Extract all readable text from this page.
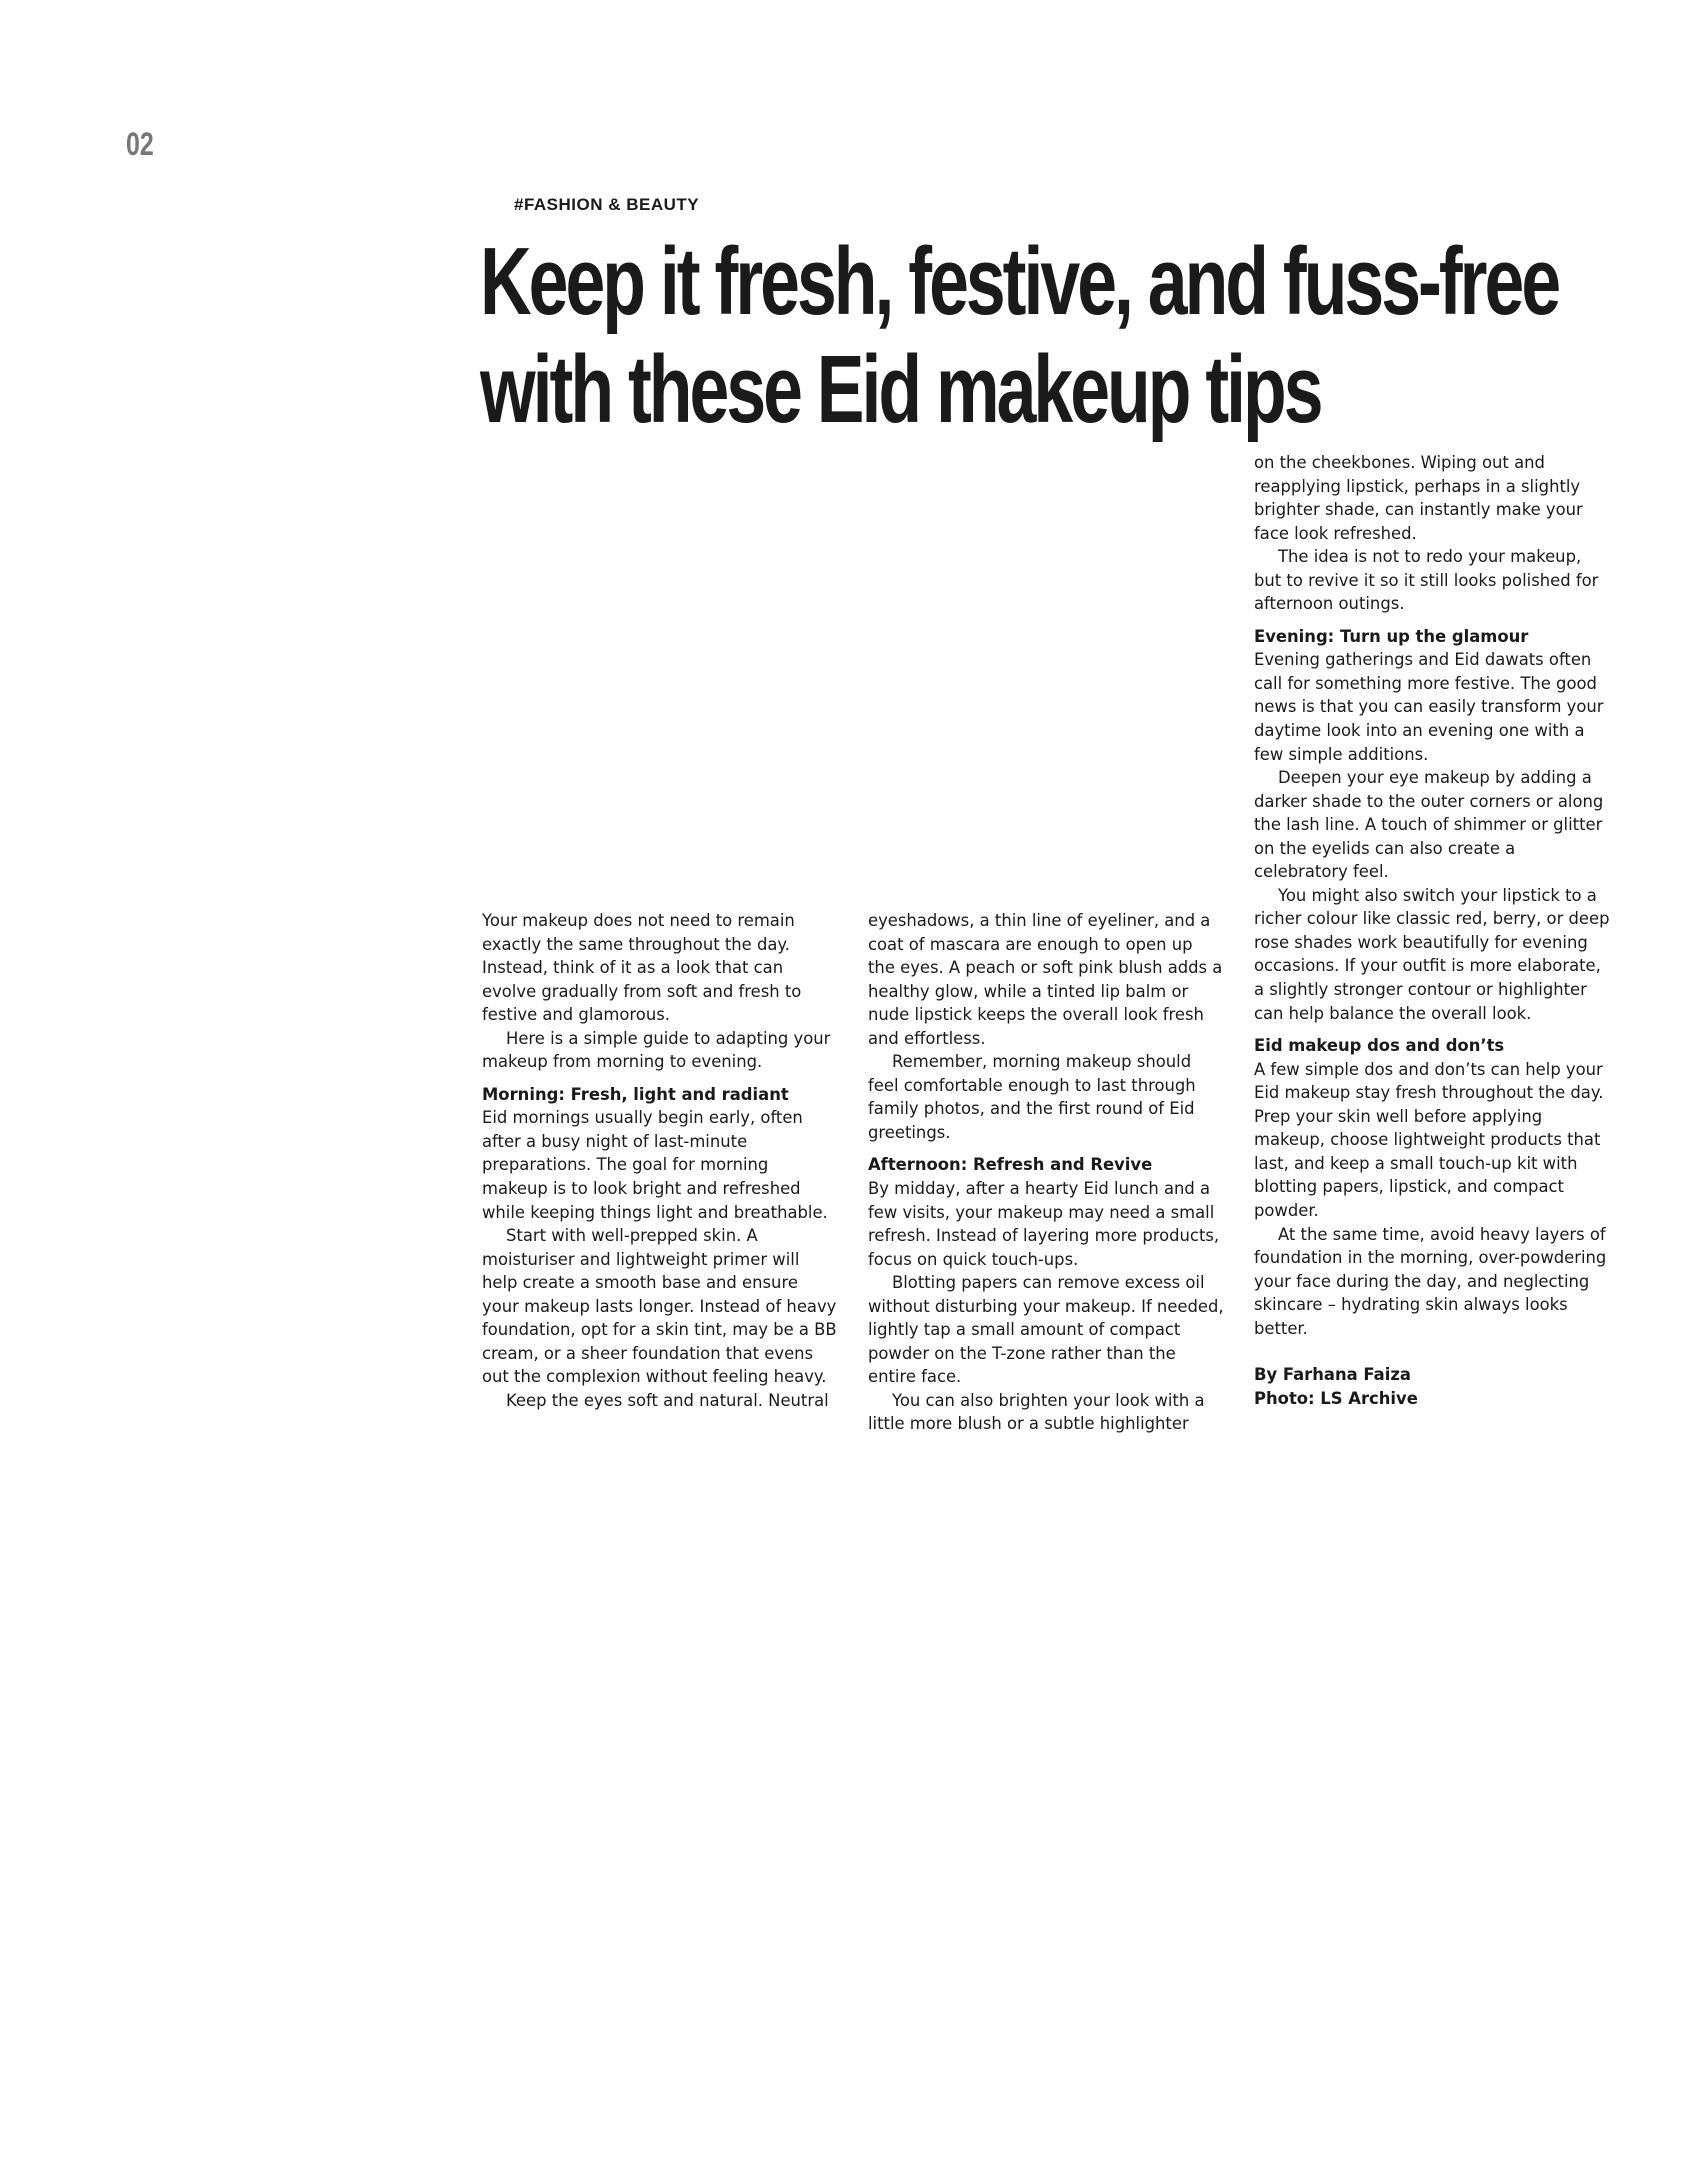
02
#FASHION & BEAUTY
Keep it fresh, festive, and fuss-free
with these Eid makeup tips

Your makeup does not need to remain exactly the same throughout the day. Instead, think of it as a look that can evolve gradually from soft and fresh to festive and glamorous.

Here is a simple guide to adapting your makeup from morning to evening.

Morning: Fresh, light and radiant

Eid mornings usually begin early, often after a busy night of last-minute preparations. The goal for morning makeup is to look bright and refreshed while keeping things light and breathable.

Start with well-prepped skin. A moisturiser and lightweight primer will help create a smooth base and ensure your makeup lasts longer. Instead of heavy foundation, opt for a skin tint, may be a BB cream, or a sheer foundation that evens out the complexion without feeling heavy.

Keep the eyes soft and natural. Neutral

eyeshadows, a thin line of eyeliner, and a coat of mascara are enough to open up the eyes. A peach or soft pink blush adds a healthy glow, while a tinted lip balm or nude lipstick keeps the overall look fresh and effortless.

Remember, morning makeup should feel comfortable enough to last through family photos, and the first round of Eid greetings.

Afternoon: Refresh and Revive

By midday, after a hearty Eid lunch and a few visits, your makeup may need a small refresh. Instead of layering more products, focus on quick touch-ups.

Blotting papers can remove excess oil without disturbing your makeup. If needed, lightly tap a small amount of compact powder on the T-zone rather than the entire face.

You can also brighten your look with a little more blush or a subtle highlighter

on the cheekbones. Wiping out and reapplying lipstick, perhaps in a slightly brighter shade, can instantly make your face look refreshed.

The idea is not to redo your makeup, but to revive it so it still looks polished for afternoon outings.

Evening: Turn up the glamour

Evening gatherings and Eid dawats often call for something more festive. The good news is that you can easily transform your daytime look into an evening one with a few simple additions.

Deepen your eye makeup by adding a darker shade to the outer corners or along the lash line. A touch of shimmer or glitter on the eyelids can also create a celebratory feel.

You might also switch your lipstick to a richer colour like classic red, berry, or deep rose shades work beautifully for evening occasions. If your outfit is more elaborate, a slightly stronger contour or highlighter can help balance the overall look.

Eid makeup dos and don’ts

A few simple dos and don’ts can help your Eid makeup stay fresh throughout the day. Prep your skin well before applying makeup, choose lightweight products that last, and keep a small touch-up kit with blotting papers, lipstick, and compact powder.

At the same time, avoid heavy layers of foundation in the morning, over-powdering your face during the day, and neglecting skincare – hydrating skin always looks better.

By Farhana Faiza
Photo: LS Archive
